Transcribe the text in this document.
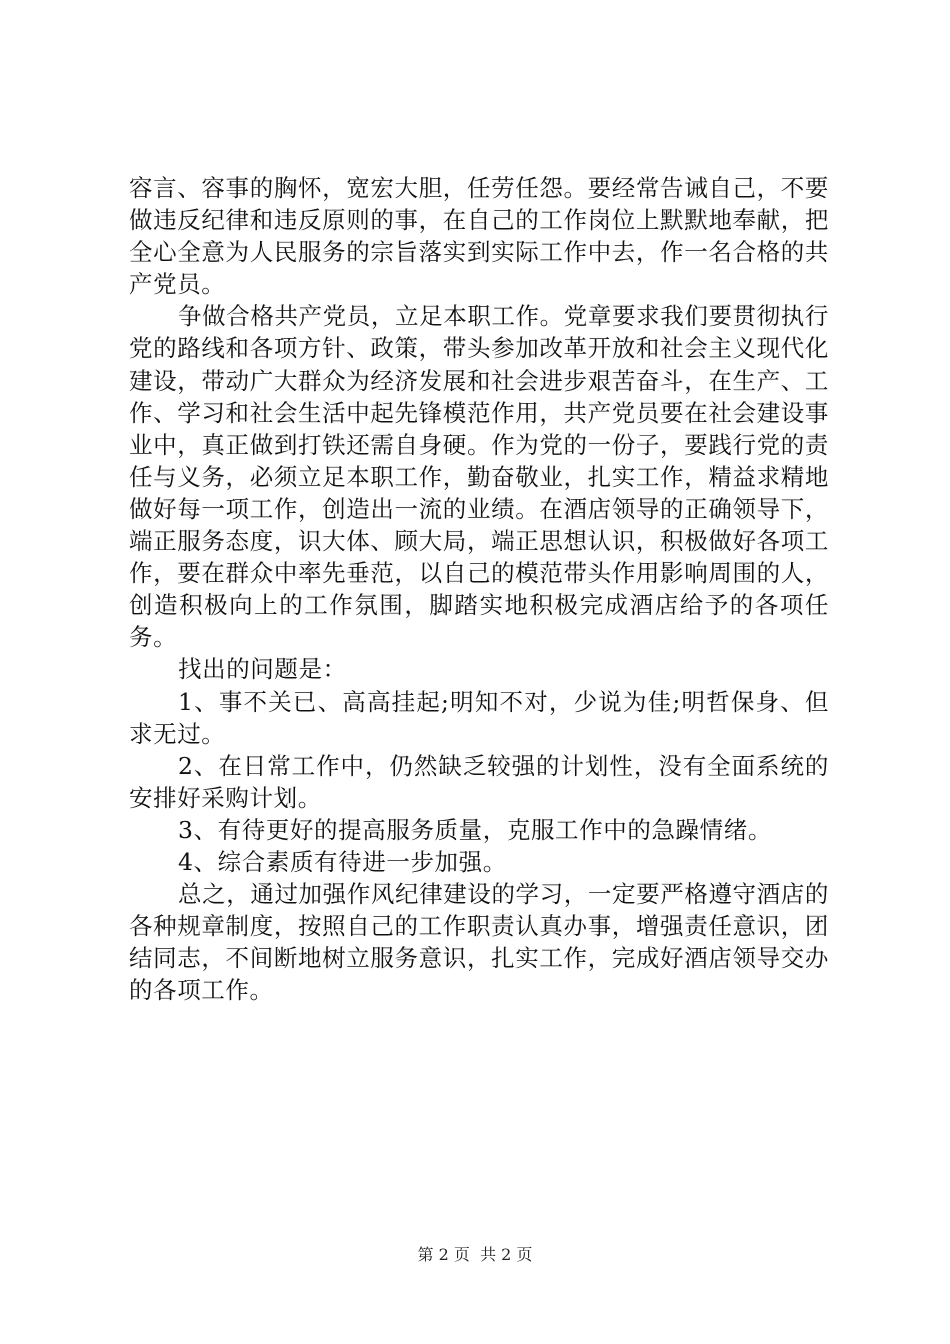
容言、容事的胸怀，宽宏大胆，任劳任怨。要经常告诫自己，不要做违反纪律和违反原则的事，在自己的工作岗位上默默地奉献，把全心全意为人民服务的宗旨落实到实际工作中去，作一名合格的共产党员。

争做合格共产党员，立足本职工作。党章要求我们要贯彻执行党的路线和各项方针、政策，带头参加改革开放和社会主义现代化建设，带动广大群众为经济发展和社会进步艰苦奋斗，在生产、工作、学习和社会生活中起先锋模范作用，共产党员要在社会建设事业中，真正做到打铁还需自身硬。作为党的一份子，要践行党的责任与义务，必须立足本职工作，勤奋敬业，扎实工作，精益求精地做好每一项工作，创造出一流的业绩。在酒店领导的正确领导下，端正服务态度，识大体、顾大局，端正思想认识，积极做好各项工作，要在群众中率先垂范，以自己的模范带头作用影响周围的人，创造积极向上的工作氛围，脚踏实地积极完成酒店给予的各项任务。

找出的问题是：

1、事不关已、高高挂起;明知不对，少说为佳;明哲保身、但求无过。

2、在日常工作中，仍然缺乏较强的计划性，没有全面系统的安排好采购计划。

3、有待更好的提高服务质量，克服工作中的急躁情绪。

4、综合素质有待进一步加强。

总之，通过加强作风纪律建设的学习，一定要严格遵守酒店的各种规章制度，按照自己的工作职责认真办事，增强责任意识，团结同志，不间断地树立服务意识，扎实工作，完成好酒店领导交办的各项工作。

第 2 页  共 2 页
